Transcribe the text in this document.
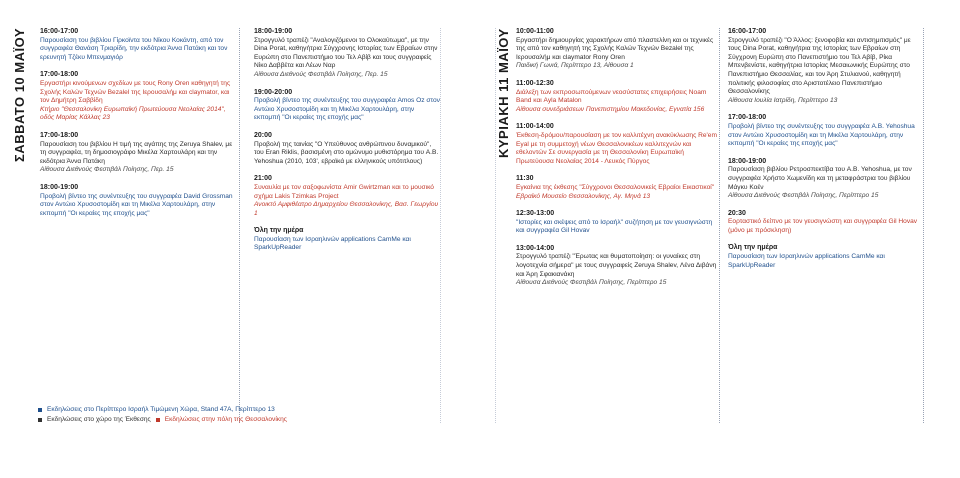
ΣΑΒΒΑΤΟ 10 ΜΑΪΟΥ	16:00-17:00
Παρουσίαση του βιβλίου Γίρκοϊντα του Νίκου Κοκάντη, από τον συγγραφέα Θανάση Τριαρίδη, την εκδότρια Άννα Πατάκη και τον ερευνητή Τζέκυ Μπενμαγιόρ
17:00-18:00
Εργαστήρι κινούμενων σχεδίων με τους Rony Oren καθηγητή της Σχολής Καλών Τεχνών Bezalel της Ιερουσαλήμ και claymator, και τον Δημήτρη Σαββίδη
Κτήριο "Θεσσαλονίκη Ευρωπαϊκή Πρωτεύουσα Νεολαίας 2014", οδός Μαρίας Κάλλας 23
17:00-18:00
Παρουσίαση του βιβλίου Η τιμή της αγάπης της Zeruya Shalev, με τη συγγραφέα, τη δημοσιογράφο Μικέλα Χαρτουλάρη και την εκδότρια Άννα Πατάκη
Αίθουσα Διεθνούς Φεστιβάλ Ποίησης, Περ. 15
18:00-19:00
Προβολή βίντεο της συνέντευξης του συγγραφέα David Grossman στον Αντώιο Χρυσοστομίδη και τη Μικέλα Χαρτουλάρη, στην εκπομπή "Οι κεραίες της εποχής μας"
18:00-19:00
Στρογγυλό τραπέζι "Αναλογιζόμενοι το Ολοκαύτωμα", με την Dina Porat, καθηγήτρια Σύγχρονης Ιστορίας των Εβραίων στην Ευρώπη στο Πανεπιστήμιο του Τελ Αβίβ και τους συγγραφείς Νίκο Δαββέτα και Λέων Ναρ
Αίθουσα Διεθνούς Φεστιβάλ Ποίησης, Περ. 15
19:00-20:00
Προβολή βίντεο της συνέντευξης του συγγραφέα Amos Oz στον Αντώιο Χρυσοστομίδη και τη Μικέλα Χαρτουλάρη, στην εκπομπή "Οι κεραίες της εποχής μας"
20:00
Προβολή της ταινίας "Ο Υπεύθυνος ανθρώπινου δυναμικού", του Eran Riklis, βασισμένη στο ομώνυμο μυθιστόρημα του A.B. Yehoshua (2010, 103', εβραϊκά με ελληνικούς υπότιτλους)
21:00
Συναυλία με τον σαξοφωνίστα Amir Gwirtzman και το μουσικό σχήμα Lakis Tzimkas Project
Ανοικτό Αμφιθέατρο Δημαρχείου Θεσσαλονίκης, Βασ. Γεωργίου 1
Όλη την ημέρα
Παρουσίαση των Ισραηλινών applications CamMe και SparkUpReader
ΚΥΡΙΑΚΗ 11 ΜΑΪΟΥ 10:00-11:00
Εργαστήρι δημιουργίας χαρακτήρων από πλαστελίνη και οι τεχνικές της από τον καθηγητή της Σχολής Καλών Τεχνών Bezalel της Ιερουσαλήμ και claymator Rony Oren
Παιδική Γωνιά, Περίπτερο 13, Αίθουσα 1
11:00-12:30
Διάλεξη των εκπροσωπούμενων νεοσύστατες επιχειρήσεις Noam Band και Ayla Matalon
Αίθουσα συνεδριάσεων Πανεπιστημίου Μακεδονίας, Εγνατία 156
11:00-14:00
Έκθεση-δρόμου/παρουσίαση με τον καλλιτέχνη ανακύκλωσης Re'em Eyal με τη συμμετοχή νέων Θεσσαλονικέων καλλιτεχνών και εθελοντών Σε συνεργασία με τη Θεσσαλονίκη Ευρωπαϊκή Πρωτεύουσα Νεολαίας 2014 - Λευκός Πύργος
11:30
Εγκαίνια της έκθεσης "Σύγχρονοι Θεσσαλονικείς Εβραίοι Εικαστικοί"
Εβραϊκό Μουσείο Θεσσαλονίκης, Αγ. Μηνά 13
12:30-13:00
"Ιστορίες και σκέψεις από το Ισραήλ" συζήτηση με τον γευσιγνώστη και συγγραφέα Gil Hovav
13:00-14:00
Στρογγυλό τραπέζι "Έρωτας και θυματοποίηση: οι γυναίκες στη λογοτεχνία σήμερα" με τους συγγραφείς Zeruya Shalev, Λένα Διβάνη και Άρη Σφακιανάκη
Αίθουσα Διεθνούς Φεστιβάλ Ποίησης, Περίπτερο 15
16:00-17:00
Στρογγυλό τραπέζι "Ο Άλλος: ξενοφοβία και αντισημιτισμός" με τους Dina Porat, καθηγήτρια της Ιστορίας των Εβραίων στη Σύγχρονη Ευρώπη στο Πανεπιστήμιο του Τελ Αβίβ, Ρίκα Μπενβενίστε, καθηγήτρια Ιστορίας Μεσαιωνικής Ευρώπης στο Πανεπιστήμιο Θεσσαλίας, και τον Άρη Στυλιανού, καθηγητή πολιτικής φιλοσοφίας στο Αριστοτέλειο Πανεπιστήμιο Θεσσαλονίκης
Αίθουσα Ιουλία Ιατρίδη, Περίπτερο 13
17:00-18:00
Προβολή βίντεο της συνέντευξης του συγγραφέα A.B. Yehoshua στον Αντώιο Χρυσοστομίδη και τη Μικέλα Χαρτουλάρη, στην εκπομπή "Οι κεραίες της εποχής μας"
18:00-19:00
Παρουσίαση βιβλίου Ρετροσπεκτίβα του A.B. Yehoshua, με τον συγγραφέα Χρήστο Χωμενίδη και τη μεταφράστρια του βιβλίου Μάγκυ Κοέν
Αίθουσα Διεθνούς Φεστιβάλ Ποίησης, Περίπτερο 15
20:30
Εορταστικό δείπνο με τον γευσιγνώστη και συγγραφέα Gil Hovav (μόνο με πρόσκληση)
Όλη την ημέρα
Παρουσίαση των Ισραηλινών applications CamMe και SparkUpReader
Εκδηλώσεις στο Περίπτερο Ισραήλ Τιμώμενη Χώρα, Stand 47A, Περίπτερο 13
Εκδηλώσεις στο χώρο της Έκθεσης Εκδηλώσεις στην πόλη της Θεσσαλονίκης
